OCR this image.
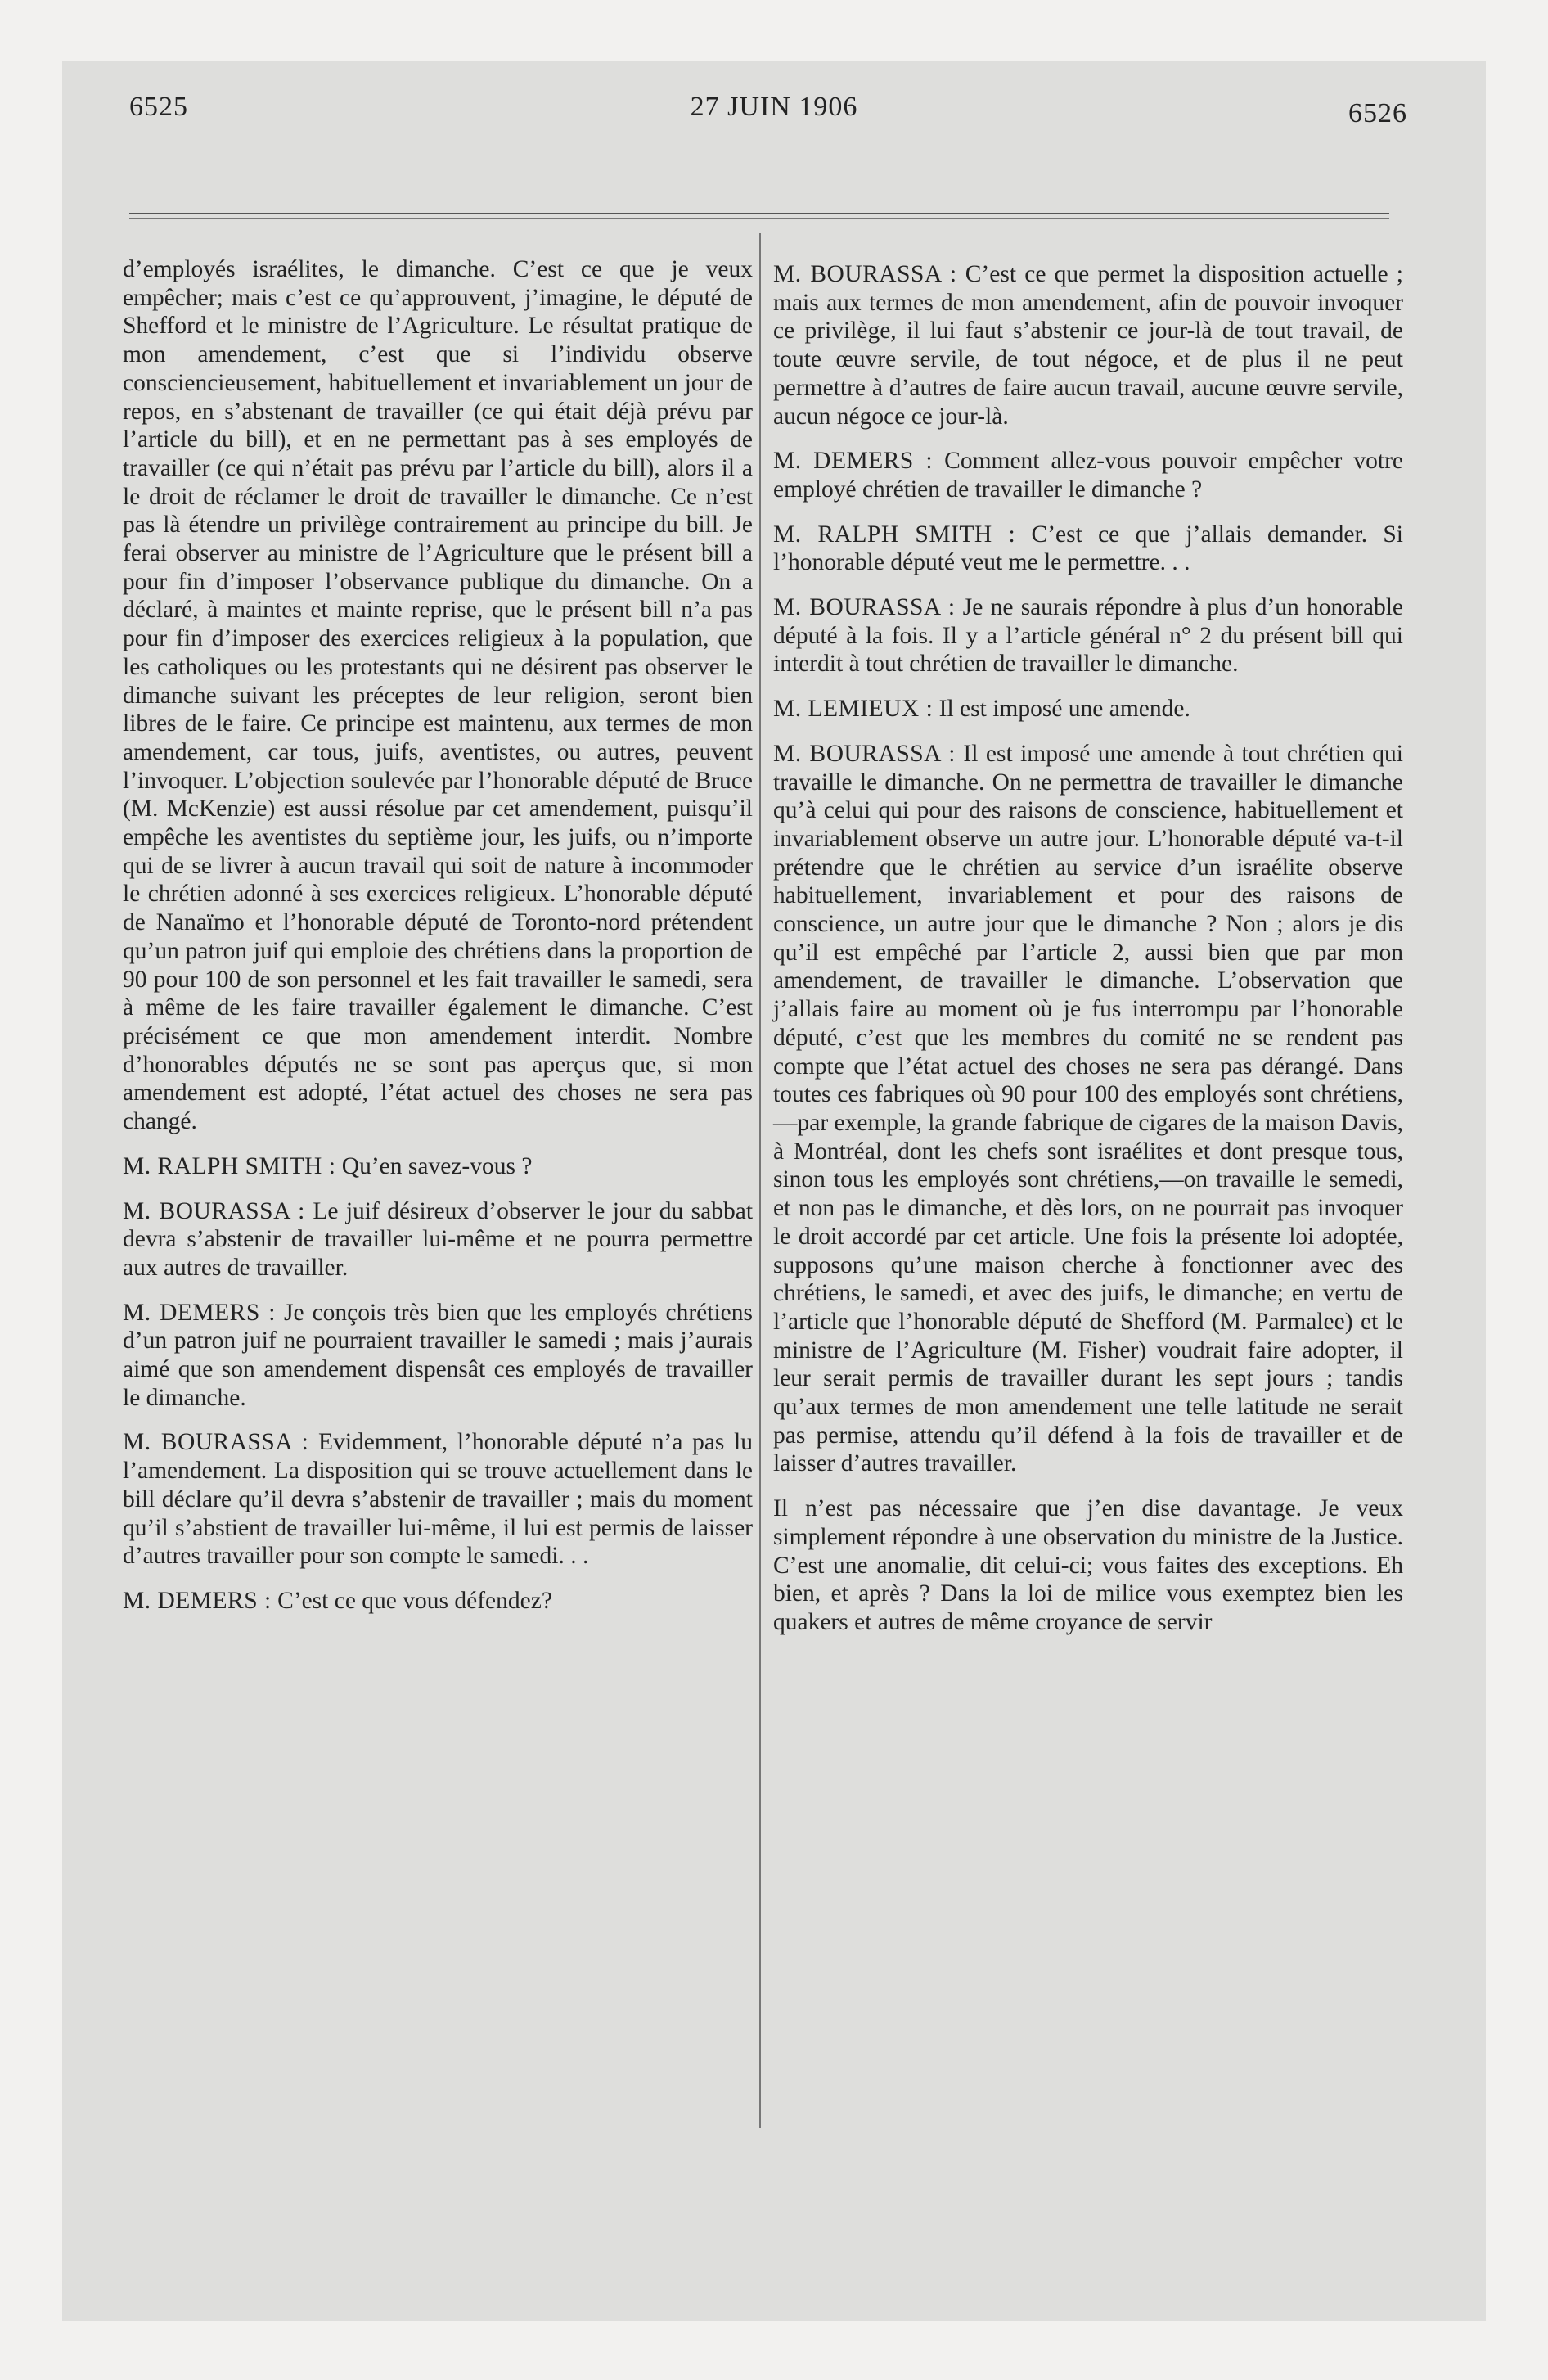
6525	27 JUIN 1906	6526

d’employés israélites, le dimanche. C’est ce que je veux empêcher; mais c’est ce qu’approuvent, j’imagine, le député de Shefford et le ministre de l’Agriculture. Le résultat pratique de mon amendement, c’est que si l’individu observe consciencieusement, habituellement et invariablement un jour de repos, en s’abstenant de travailler (ce qui était déjà prévu par l’article du bill), et en ne permettant pas à ses employés de travailler (ce qui n’était pas prévu par l’article du bill), alors il a le droit de réclamer le droit de travailler le dimanche. Ce n’est pas là étendre un privilège contrairement au principe du bill. Je ferai observer au ministre de l’Agriculture que le présent bill a pour fin d’imposer l’observance publique du dimanche. On a déclaré, à maintes et mainte reprise, que le présent bill n’a pas pour fin d’imposer des exercices religieux à la population, que les catholiques ou les protestants qui ne désirent pas observer le dimanche suivant les préceptes de leur religion, seront bien libres de le faire. Ce principe est maintenu, aux termes de mon amendement, car tous, juifs, aventistes, ou autres, peuvent l’invoquer. L’objection soulevée par l’honorable député de Bruce (M. McKenzie) est aussi résolue par cet amendement, puisqu’il empêche les aventistes du septième jour, les juifs, ou n’importe qui de se livrer à aucun travail qui soit de nature à incommoder le chrétien adonné à ses exercices religieux. L’honorable député de Nanaïmo et l’honorable député de Toronto-nord prétendent qu’un patron juif qui emploie des chrétiens dans la proportion de 90 pour 100 de son personnel et les fait travailler le samedi, sera à même de les faire travailler également le dimanche. C’est précisément ce que mon amendement interdit. Nombre d’honorables députés ne se sont pas aperçus que, si mon amendement est adopté, l’état actuel des choses ne sera pas changé.

M. RALPH SMITH : Qu’en savez-vous ?

M. BOURASSA : Le juif désireux d’observer le jour du sabbat devra s’abstenir de travailler lui-même et ne pourra permettre aux autres de travailler.

M. DEMERS : Je conçois très bien que les employés chrétiens d’un patron juif ne pourraient travailler le samedi ; mais j’aurais aimé que son amendement dispensât ces employés de travailler le dimanche.

M. BOURASSA : Evidemment, l’honorable député n’a pas lu l’amendement. La disposition qui se trouve actuellement dans le bill déclare qu’il devra s’abstenir de travailler ; mais du moment qu’il s’abstient de travailler lui-même, il lui est permis de laisser d’autres travailler pour son compte le samedi. . .

M. DEMERS : C’est ce que vous défendez?

M. BOURASSA : C’est ce que permet la disposition actuelle ; mais aux termes de mon amendement, afin de pouvoir invoquer ce privilège, il lui faut s’abstenir ce jour-là de tout travail, de toute œuvre servile, de tout négoce, et de plus il ne peut permettre à d’autres de faire aucun travail, aucune œuvre servile, aucun négoce ce jour-là.

M. DEMERS : Comment allez-vous pouvoir empêcher votre employé chrétien de travailler le dimanche ?

M. RALPH SMITH : C’est ce que j’allais demander. Si l’honorable député veut me le permettre. . .

M. BOURASSA : Je ne saurais répondre à plus d’un honorable député à la fois. Il y a l’article général n° 2 du présent bill qui interdit à tout chrétien de travailler le dimanche.

M. LEMIEUX : Il est imposé une amende.

M. BOURASSA : Il est imposé une amende à tout chrétien qui travaille le dimanche. On ne permettra de travailler le dimanche qu’à celui qui pour des raisons de conscience, habituellement et invariablement observe un autre jour. L’honorable député va-t-il prétendre que le chrétien au service d’un israélite observe habituellement, invariablement et pour des raisons de conscience, un autre jour que le dimanche ? Non ; alors je dis qu’il est empêché par l’article 2, aussi bien que par mon amendement, de travailler le dimanche. L’observation que j’allais faire au moment où je fus interrompu par l’honorable député, c’est que les membres du comité ne se rendent pas compte que l’état actuel des choses ne sera pas dérangé. Dans toutes ces fabriques où 90 pour 100 des employés sont chrétiens,—par exemple, la grande fabrique de cigares de la maison Davis, à Montréal, dont les chefs sont israélites et dont presque tous, sinon tous les employés sont chrétiens,—on travaille le semedi, et non pas le dimanche, et dès lors, on ne pourrait pas invoquer le droit accordé par cet article. Une fois la présente loi adoptée, supposons qu’une maison cherche à fonctionner avec des chrétiens, le samedi, et avec des juifs, le dimanche; en vertu de l’article que l’honorable député de Shefford (M. Parmalee) et le ministre de l’Agriculture (M. Fisher) voudrait faire adopter, il leur serait permis de travailler durant les sept jours ; tandis qu’aux termes de mon amendement une telle latitude ne serait pas permise, attendu qu’il défend à la fois de travailler et de laisser d’autres travailler.

Il n’est pas nécessaire que j’en dise davantage. Je veux simplement répondre à une observation du ministre de la Justice. C’est une anomalie, dit celui-ci; vous faites des exceptions. Eh bien, et après ? Dans la loi de milice vous exemptez bien les quakers et autres de même croyance de servir
